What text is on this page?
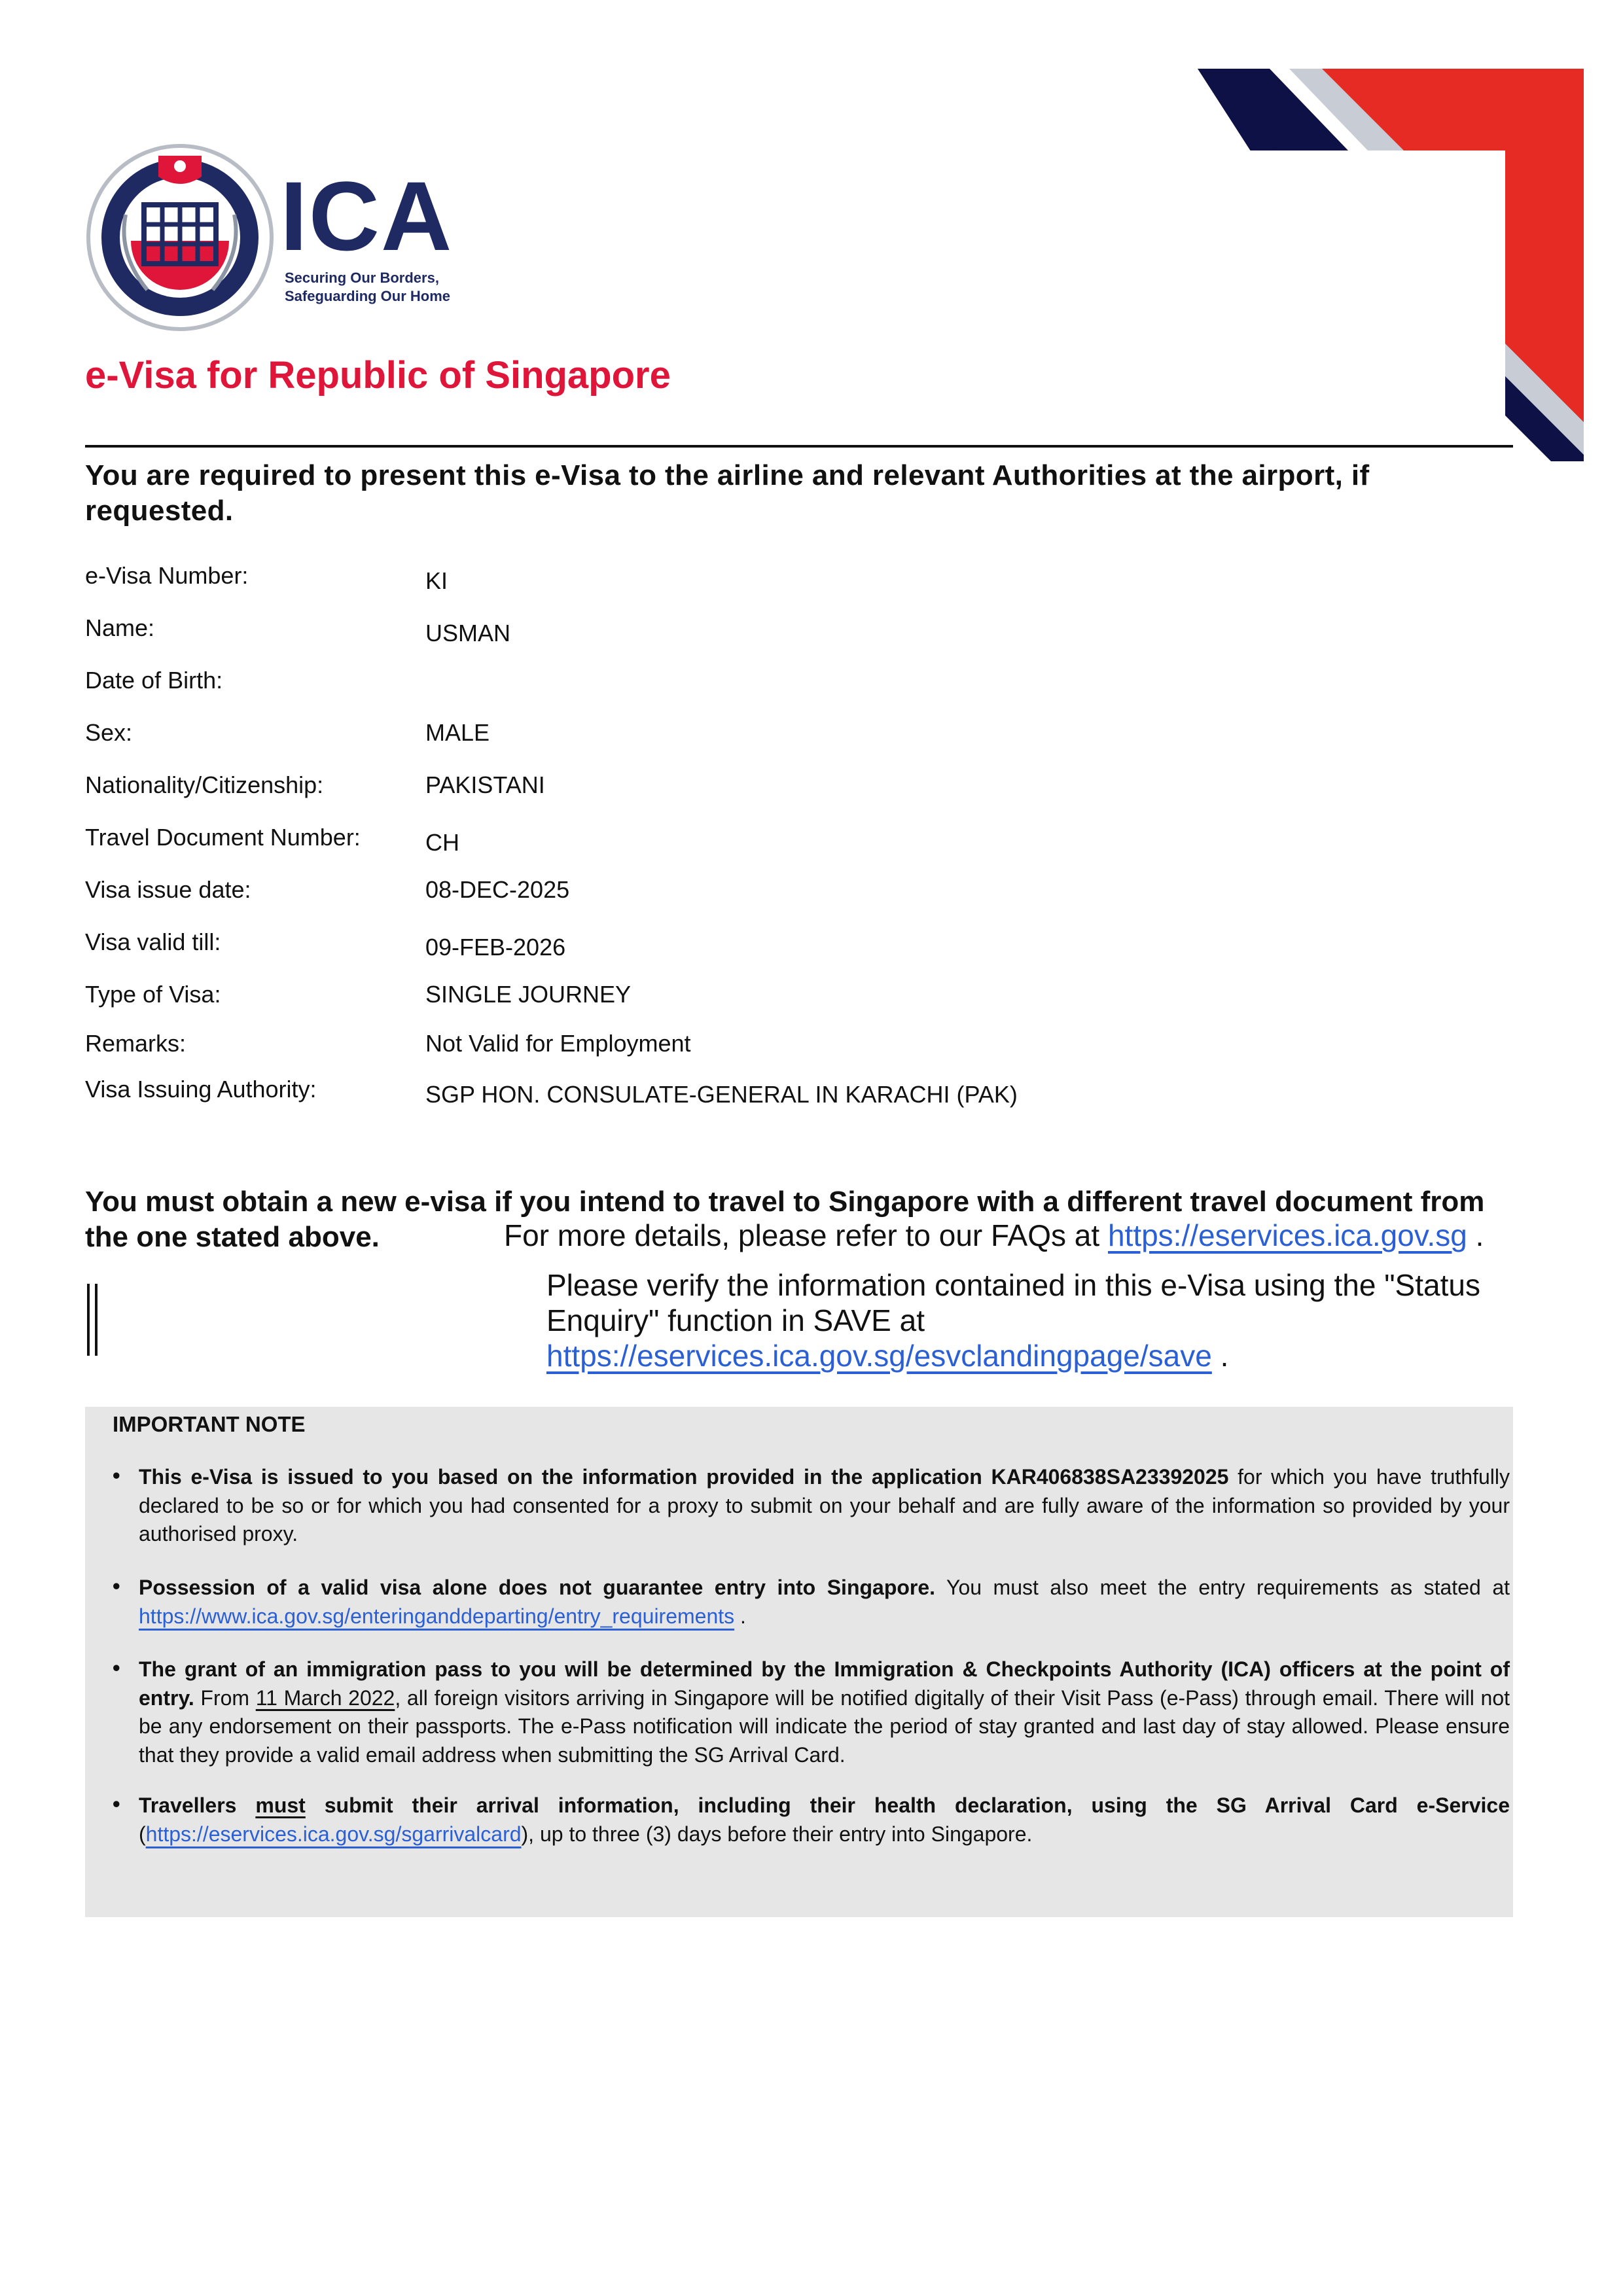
ICA
Securing Our Borders,
Safeguarding Our Home
e-Visa for Republic of Singapore
You are required to present this e-Visa to the airline and relevant Authorities at the airport, if requested.
e-Visa Number:	KI
Name:	USMAN
Date of Birth:
Sex:	MALE
Nationality/Citizenship:	PAKISTANI
Travel Document Number:	CH
Visa issue date:	08-DEC-2025
Visa valid till:	09-FEB-2026
Type of Visa:	SINGLE JOURNEY
Remarks:	Not Valid for Employment
Visa Issuing Authority:	SGP HON. CONSULATE-GENERAL IN KARACHI (PAK)
You must obtain a new e-visa if you intend to travel to Singapore with a different travel document from the one stated above.	For more details, please refer to our FAQs at https://eservices.ica.gov.sg .
Please verify the information contained in this e-Visa using the "Status Enquiry" function in SAVE at https://eservices.ica.gov.sg/esvclandingpage/save .
IMPORTANT NOTE
• This e-Visa is issued to you based on the information provided in the application KAR406838SA23392025 for which you have truthfully declared to be so or for which you had consented for a proxy to submit on your behalf and are fully aware of the information so provided by your authorised proxy.
• Possession of a valid visa alone does not guarantee entry into Singapore. You must also meet the entry requirements as stated at https://www.ica.gov.sg/enteringanddeparting/entry_requirements .
• The grant of an immigration pass to you will be determined by the Immigration & Checkpoints Authority (ICA) officers at the point of entry. From 11 March 2022, all foreign visitors arriving in Singapore will be notified digitally of their Visit Pass (e-Pass) through email. There will not be any endorsement on their passports. The e-Pass notification will indicate the period of stay granted and last day of stay allowed. Please ensure that they provide a valid email address when submitting the SG Arrival Card.
• Travellers must submit their arrival information, including their health declaration, using the SG Arrival Card e-Service (https://eservices.ica.gov.sg/sgarrivalcard), up to three (3) days before their entry into Singapore.
